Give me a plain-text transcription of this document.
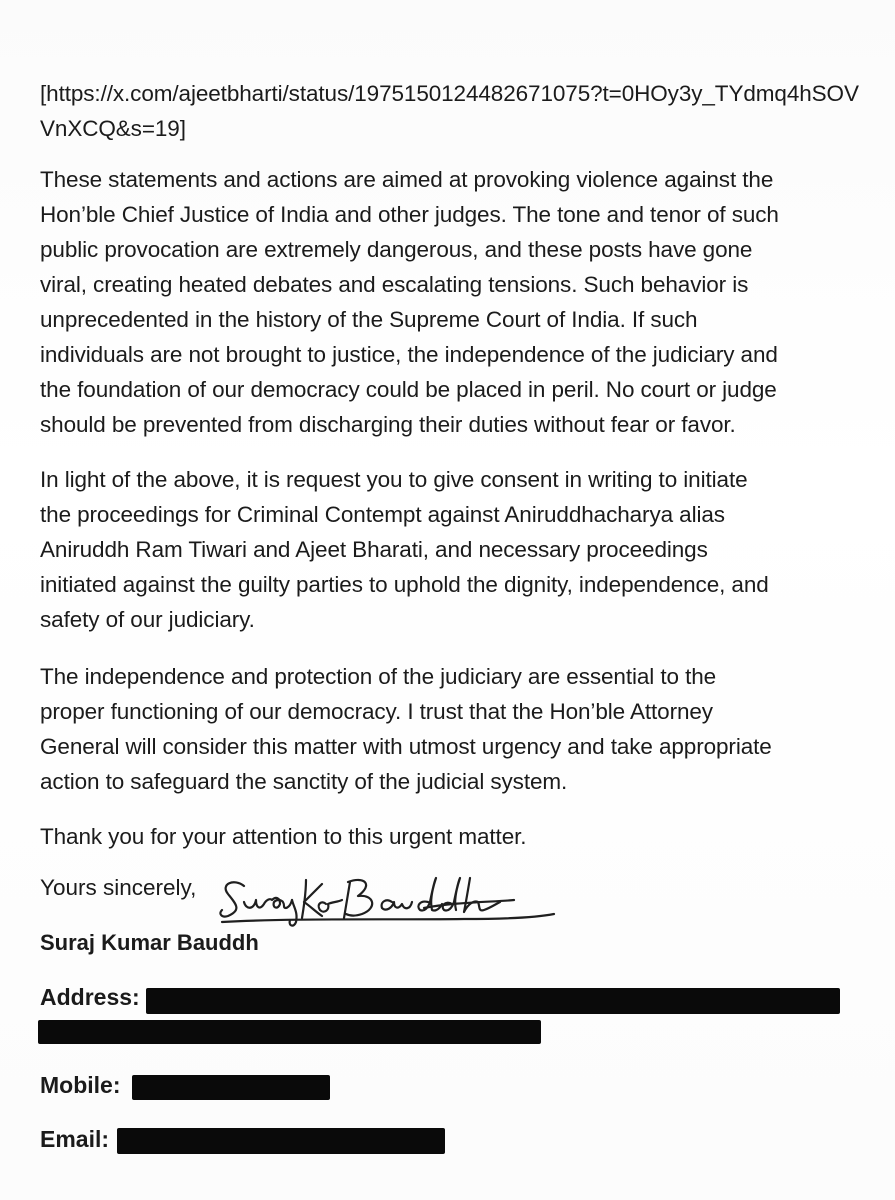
[https://x.com/ajeetbharti/status/1975150124482671075?t=0HOy3y_TYdmq4hSOVVnXCQ&s=19]
These statements and actions are aimed at provoking violence against the
Hon’ble Chief Justice of India and other judges. The tone and tenor of such
public provocation are extremely dangerous, and these posts have gone
viral, creating heated debates and escalating tensions. Such behavior is
unprecedented in the history of the Supreme Court of India. If such
individuals are not brought to justice, the independence of the judiciary and
the foundation of our democracy could be placed in peril. No court or judge
should be prevented from discharging their duties without fear or favor.
In light of the above, it is request you to give consent in writing to initiate
the proceedings for Criminal Contempt against Aniruddhacharya alias
Aniruddh Ram Tiwari and Ajeet Bharati, and necessary proceedings
initiated against the guilty parties to uphold the dignity, independence, and
safety of our judiciary.
The independence and protection of the judiciary are essential to the
proper functioning of our democracy. I trust that the Hon’ble Attorney
General will consider this matter with utmost urgency and take appropriate
action to safeguard the sanctity of the judicial system.
Thank you for your attention to this urgent matter.
Yours sincerely,
Suraj Kumar Bauddh
Address:
Mobile:
Email:
